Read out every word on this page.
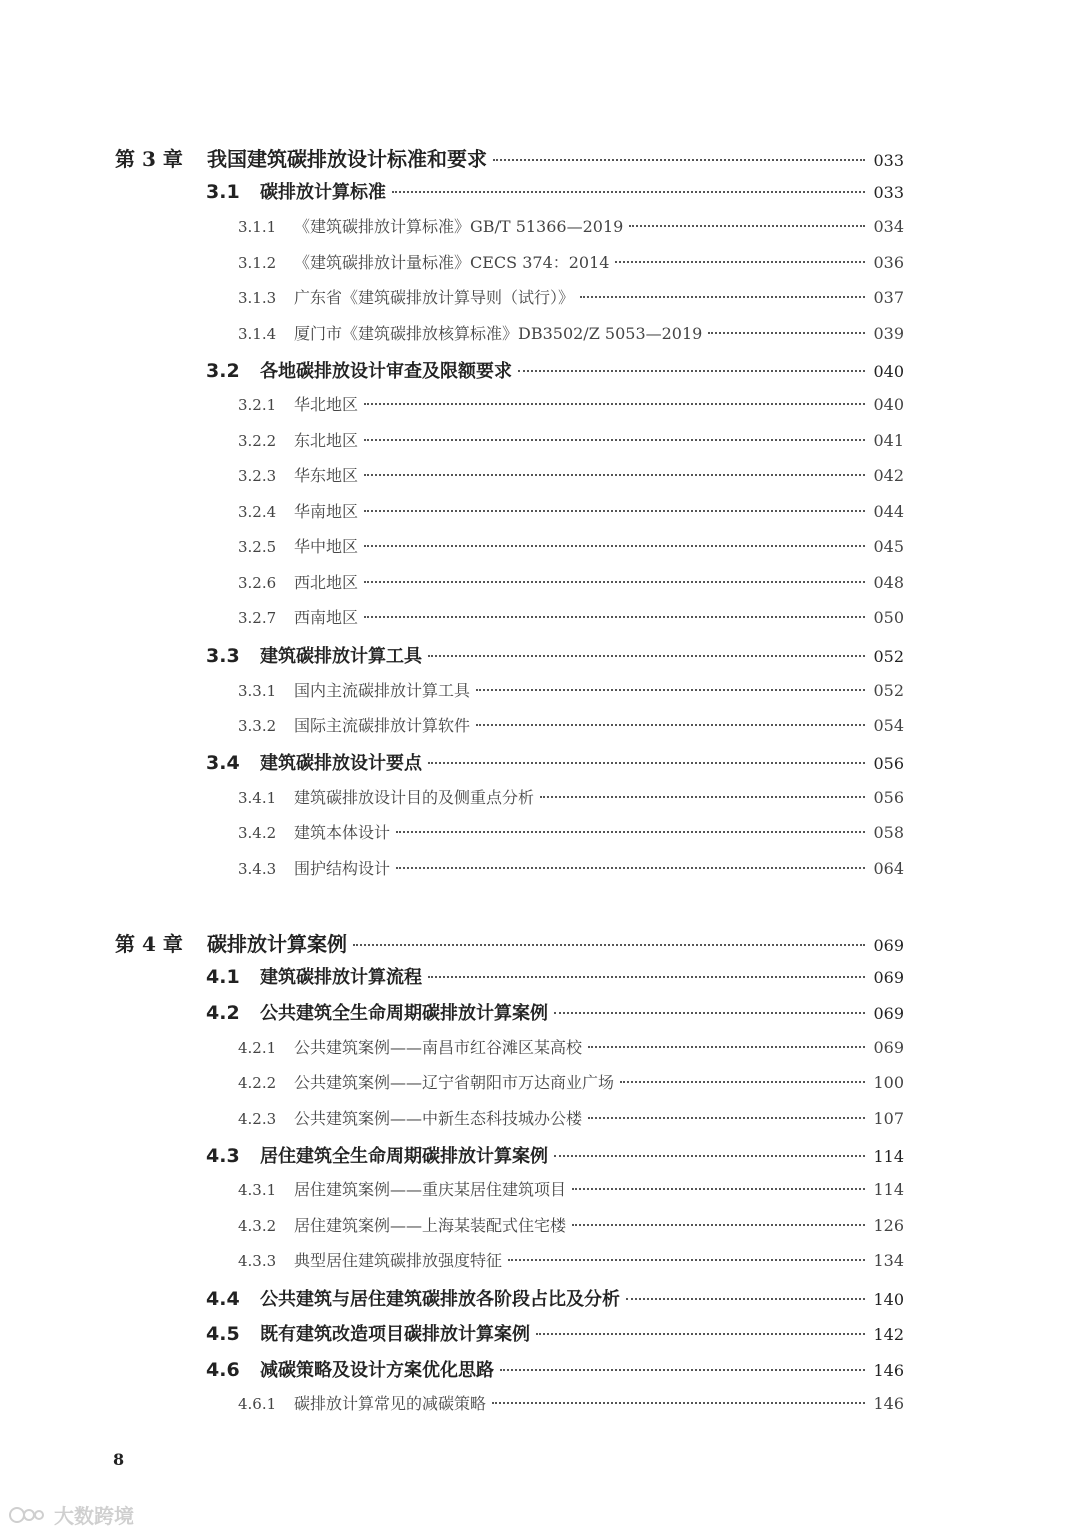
第 3 章	我国建筑碳排放设计标准和要求	033
3.1	碳排放计算标准	033
3.1.1	《建筑碳排放计算标准》GB/T 51366—2019	034
3.1.2	《建筑碳排放计量标准》CECS 374：2014	036
3.1.3	广东省《建筑碳排放计算导则（试行）》	037
3.1.4	厦门市《建筑碳排放核算标准》DB3502/Z 5053—2019	039
3.2	各地碳排放设计审查及限额要求	040
3.2.1	华北地区	040
3.2.2	东北地区	041
3.2.3	华东地区	042
3.2.4	华南地区	044
3.2.5	华中地区	045
3.2.6	西北地区	048
3.2.7	西南地区	050
3.3	建筑碳排放计算工具	052
3.3.1	国内主流碳排放计算工具	052
3.3.2	国际主流碳排放计算软件	054
3.4	建筑碳排放设计要点	056
3.4.1	建筑碳排放设计目的及侧重点分析	056
3.4.2	建筑本体设计	058
3.4.3	围护结构设计	064
第 4 章	碳排放计算案例	069
4.1	建筑碳排放计算流程	069
4.2	公共建筑全生命周期碳排放计算案例	069
4.2.1	公共建筑案例——南昌市红谷滩区某高校	069
4.2.2	公共建筑案例——辽宁省朝阳市万达商业广场	100
4.2.3	公共建筑案例——中新生态科技城办公楼	107
4.3	居住建筑全生命周期碳排放计算案例	114
4.3.1	居住建筑案例——重庆某居住建筑项目	114
4.3.2	居住建筑案例——上海某装配式住宅楼	126
4.3.3	典型居住建筑碳排放强度特征	134
4.4	公共建筑与居住建筑碳排放各阶段占比及分析	140
4.5	既有建筑改造项目碳排放计算案例	142
4.6	减碳策略及设计方案优化思路	146
4.6.1	碳排放计算常见的减碳策略	146
8
大数跨境
